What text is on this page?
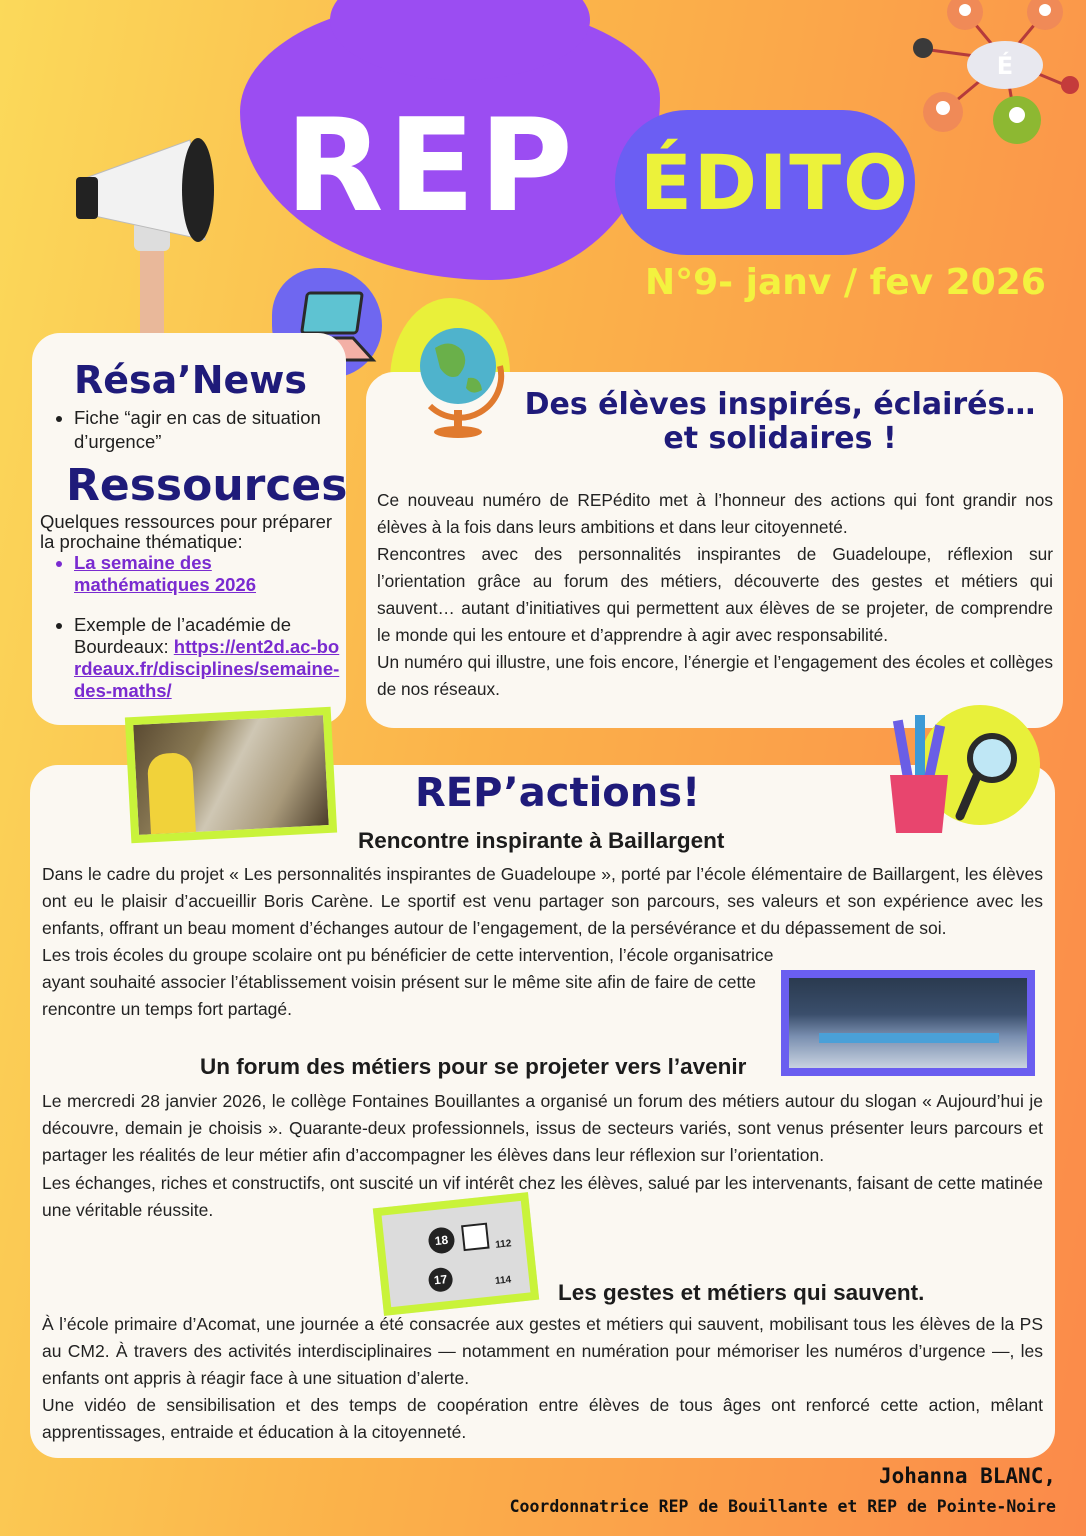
REP ÉDITO
N°9- janv / fev 2026
É
Résa’News
• Fiche “agir en cas de situation d’urgence”
Ressources
Quelques ressources pour préparer la prochaine thématique:
• La semaine des mathématiques 2026
• Exemple de l’académie de Bourdeaux: https://ent2d.ac-bordeaux.fr/disciplines/semaine-des-maths/
Des élèves inspirés, éclairés… et solidaires !
Ce nouveau numéro de REPédito met à l’honneur des actions qui font grandir nos élèves à la fois dans leurs ambitions et dans leur citoyenneté.
Rencontres avec des personnalités inspirantes de Guadeloupe, réflexion sur l’orientation grâce au forum des métiers, découverte des gestes et métiers qui sauvent… autant d’initiatives qui permettent aux élèves de se projeter, de comprendre le monde qui les entoure et d’apprendre à agir avec responsabilité.
Un numéro qui illustre, une fois encore, l’énergie et l’engagement des écoles et collèges de nos réseaux.
REP’actions!
Rencontre inspirante à Baillargent
Dans le cadre du projet « Les personnalités inspirantes de Guadeloupe », porté par l’école élémentaire de Baillargent, les élèves ont eu le plaisir d’accueillir Boris Carène. Le sportif est venu partager son parcours, ses valeurs et son expérience avec les enfants, offrant un beau moment d’échanges autour de l’engagement, de la persévérance et du dépassement de soi.
Les trois écoles du groupe scolaire ont pu bénéficier de cette intervention, l’école organisatrice ayant souhaité associer l’établissement voisin présent sur le même site afin de faire de cette rencontre un temps fort partagé.
Un forum des métiers pour se projeter vers l’avenir
Le mercredi 28 janvier 2026, le collège Fontaines Bouillantes a organisé un forum des métiers autour du slogan « Aujourd’hui je découvre, demain je choisis ». Quarante-deux professionnels, issus de secteurs variés, sont venus présenter leurs parcours et partager les réalités de leur métier afin d’accompagner les élèves dans leur réflexion sur l’orientation.
Les échanges, riches et constructifs, ont suscité un vif intérêt chez les élèves, salué par les intervenants, faisant de cette matinée une véritable réussite.
18	112
17	114 Les gestes et métiers qui sauvent.
À l’école primaire d’Acomat, une journée a été consacrée aux gestes et métiers qui sauvent, mobilisant tous les élèves de la PS au CM2. À travers des activités interdisciplinaires — notamment en numération pour mémoriser les numéros d’urgence —, les enfants ont appris à réagir face à une situation d’alerte.
Une vidéo de sensibilisation et des temps de coopération entre élèves de tous âges ont renforcé cette action, mêlant apprentissages, entraide et éducation à la citoyenneté.
Johanna BLANC,
Coordonnatrice REP de Bouillante et REP de Pointe-Noire
